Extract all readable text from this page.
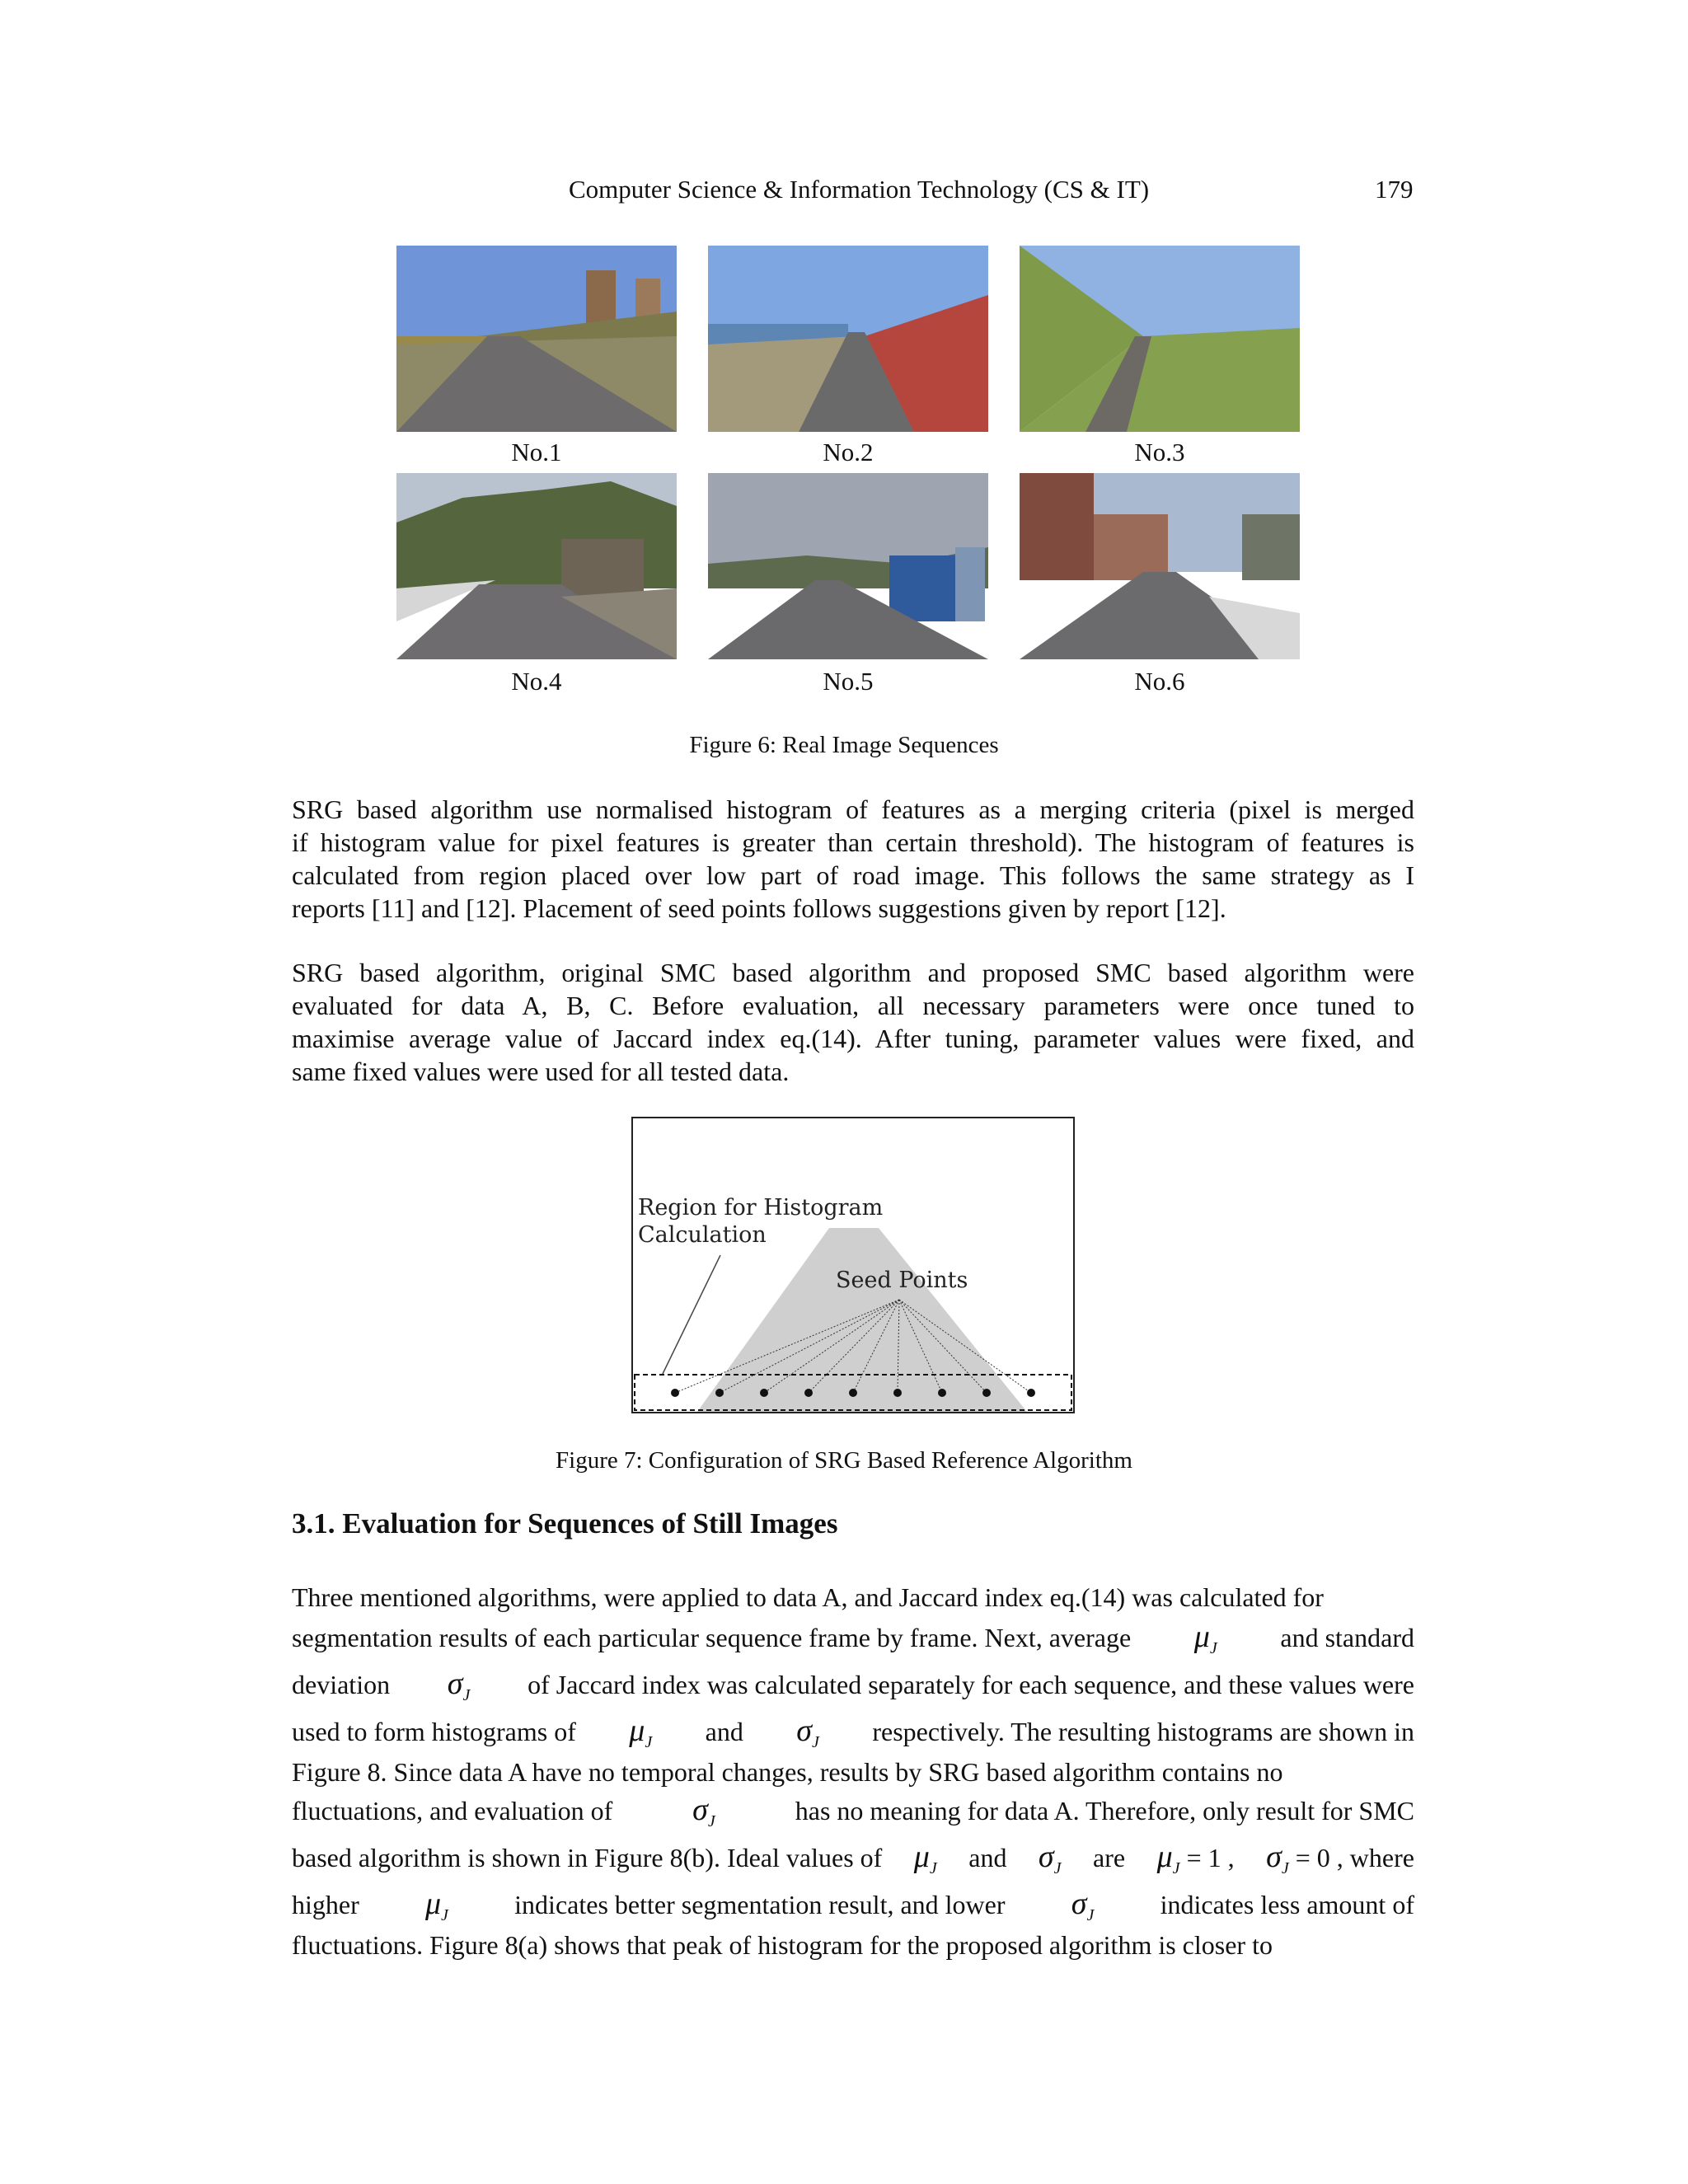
Computer Science & Information Technology (CS & IT)	179
No.1	No.2	No.3
No.4	No.5	No.6
Figure 6: Real Image Sequences
SRG based algorithm use normalised histogram of features as a merging criteria (pixel is merged
if histogram value for pixel features is greater than certain threshold). The histogram of features is
calculated from region placed over low part of road image. This follows the same strategy as I
reports [11] and [12]. Placement of seed points follows suggestions given by report [12].
SRG based algorithm, original SMC based algorithm and proposed SMC based algorithm were
evaluated for data A, B, C. Before evaluation, all necessary parameters were once tuned to
maximise average value of Jaccard index eq.(14). After tuning, parameter values were fixed, and
same fixed values were used for all tested data.
Region for Histogram
Calculation
Seed Points
Figure 7: Configuration of SRG Based Reference Algorithm
3.1. Evaluation for Sequences of Still Images
Three mentioned algorithms, were applied to data A, and Jaccard index eq.(14) was calculated for
segmentation results of each particular sequence frame by frame. Next, average $\mu_J$ and standard
deviation $\sigma_J$ of Jaccard index was calculated separately for each sequence, and these values were
used to form histograms of $\mu_J$ and $\sigma_J$ respectively. The resulting histograms are shown in
Figure 8. Since data A have no temporal changes, results by SRG based algorithm contains no
fluctuations, and evaluation of	$\sigma_J$	has no meaning for data A. Therefore, only result for SMC
based algorithm is shown in Figure 8(b). Ideal values of $\mu_J$ and $\sigma_J$ are $\mu_J = 1$ , $\sigma_J = 0$ , where
higher $\mu_J$	indicates better segmentation result, and lower $\sigma_J$	indicates less amount of
fluctuations. Figure 8(a) shows that peak of histogram for the proposed algorithm is closer to
